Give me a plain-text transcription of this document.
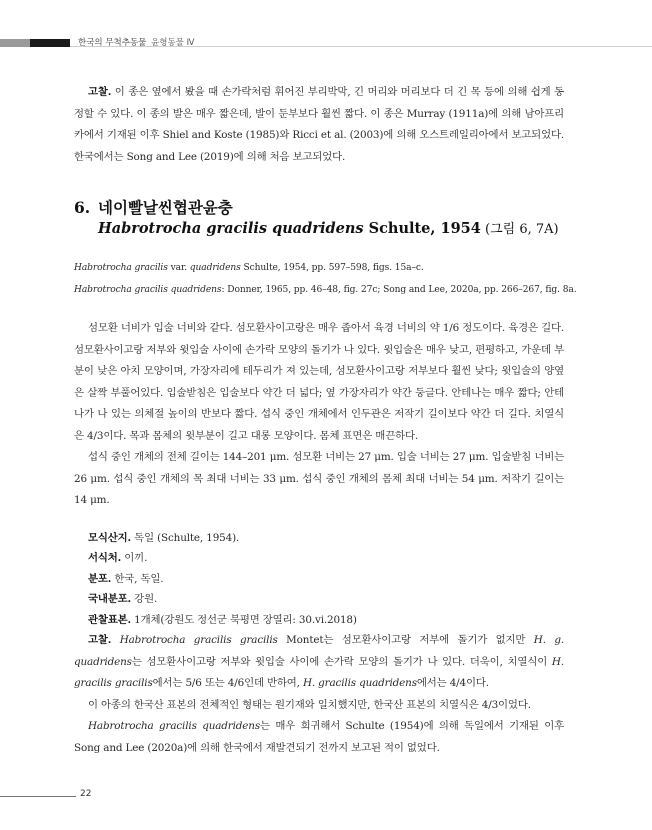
한국의 무척추동물 윤형동물 Ⅳ

고찰. 이 종은 옆에서 봤을 때 손가락처럼 휘어진 부리박막, 긴 머리와 머리보다 더 긴 목 등에 의해 쉽게 동정할 수 있다. 이 종의 발은 매우 짧은데, 발이 둔부보다 훨씬 짧다. 이 종은 Murray (1911a)에 의해 남아프리카에서 기재된 이후 Shiel and Koste (1985)와 Ricci et al. (2003)에 의해 오스트레일리아에서 보고되었다. 한국에서는 Song and Lee (2019)에 의해 처음 보고되었다.

6. 네이빨날씬협관윤충
Habrotrocha gracilis quadridens Schulte, 1954 (그림 6, 7A)

Habrotrocha gracilis var. quadridens Schulte, 1954, pp. 597–598, figs. 15a–c.

Habrotrocha gracilis quadridens: Donner, 1965, pp. 46–48, fig. 27c; Song and Lee, 2020a, pp. 266–267, fig. 8a.

섬모환 너비가 입술 너비와 같다. 섬모환사이고랑은 매우 좁아서 육경 너비의 약 1/6 정도이다. 육경은 길다. 섬모환사이고랑 저부와 윗입술 사이에 손가락 모양의 돌기가 나 있다. 윗입술은 매우 낮고, 편평하고, 가운데 부분이 낮은 아치 모양이며, 가장자리에 테두리가 져 있는데, 섬모환사이고랑 저부보다 훨씬 낮다; 윗입술의 양옆은 살짝 부풀어있다. 입술받침은 입술보다 약간 더 넓다; 옆 가장자리가 약간 둥글다. 안테나는 매우 짧다; 안테나가 나 있는 의체절 높이의 반보다 짧다. 섭식 중인 개체에서 인두관은 저작기 길이보다 약간 더 길다. 치열식은 4/3이다. 목과 몸체의 윗부분이 길고 대롱 모양이다. 몸체 표면은 매끈하다.

섭식 중인 개체의 전체 길이는 144–201 μm. 섬모환 너비는 27 μm. 입술 너비는 27 μm. 입술받침 너비는 26 μm. 섭식 중인 개체의 목 최대 너비는 33 μm. 섭식 중인 개체의 몸체 최대 너비는 54 μm. 저작기 길이는 14 μm.

모식산지. 독일 (Schulte, 1954).

서식처. 이끼.

분포. 한국, 독일.

국내분포. 강원.

관찰표본. 1개체(강원도 정선군 북평면 장열리: 30.vi.2018)

고찰. Habrotrocha gracilis gracilis Montet는 섬모환사이고랑 저부에 돌기가 없지만 H. g. quadridens는 섬모환사이고랑 저부와 윗입술 사이에 손가락 모양의 돌기가 나 있다. 더욱이, 치열식이 H. gracilis gracilis에서는 5/6 또는 4/6인데 반하여, H. gracilis quadridens에서는 4/4이다.

이 아종의 한국산 표본의 전체적인 형태는 원기재와 일치했지만, 한국산 표본의 치열식은 4/3이었다.

Habrotrocha gracilis quadridens는 매우 희귀해서 Schulte (1954)에 의해 독일에서 기재된 이후 Song and Lee (2020a)에 의해 한국에서 재발견되기 전까지 보고된 적이 없었다.

22
